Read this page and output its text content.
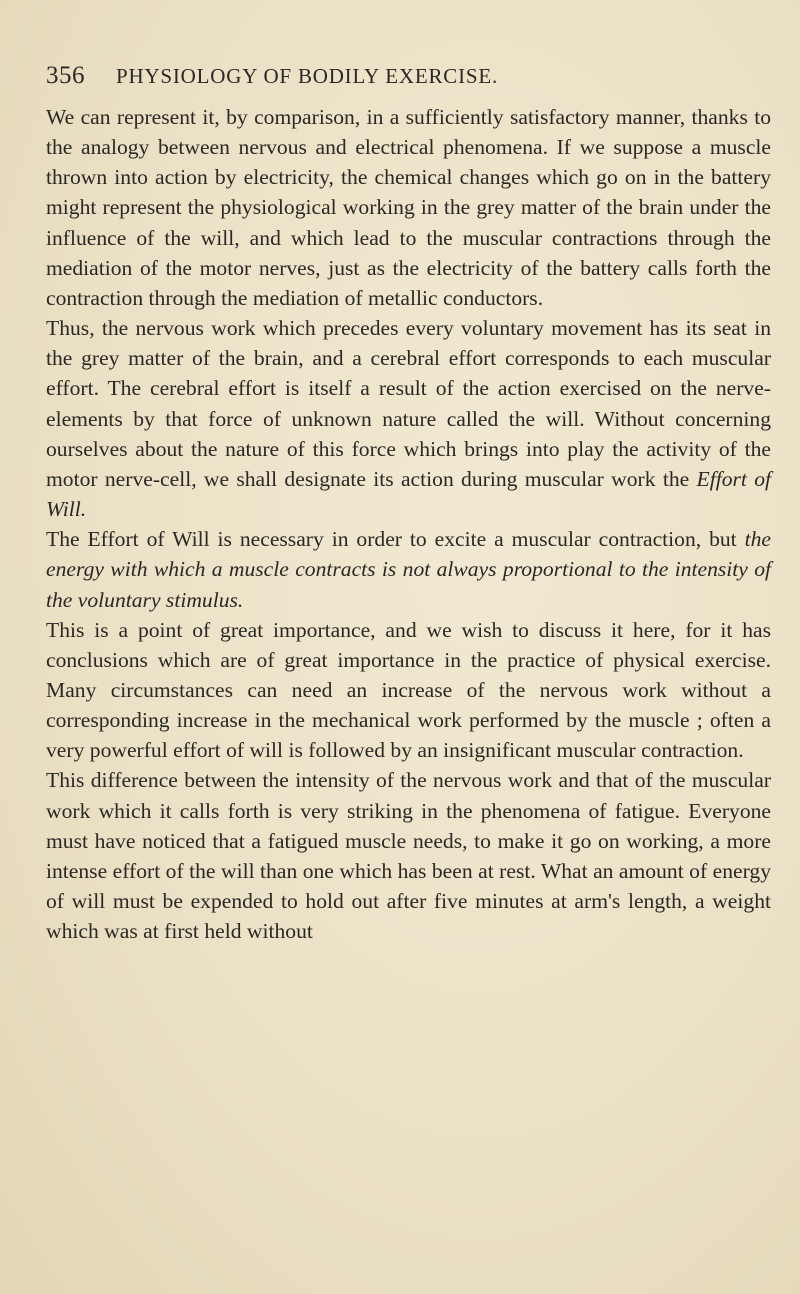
356	PHYSIOLOGY OF BODILY EXERCISE.

We can represent it, by comparison, in a sufficiently satisfactory manner, thanks to the analogy between nervous and electrical phenomena. If we suppose a muscle thrown into action by electricity, the chemical changes which go on in the battery might represent the physiological working in the grey matter of the brain under the influence of the will, and which lead to the muscular contractions through the mediation of the motor nerves, just as the electricity of the battery calls forth the contraction through the mediation of metallic conductors.

Thus, the nervous work which precedes every voluntary movement has its seat in the grey matter of the brain, and a cerebral effort corresponds to each muscular effort. The cerebral effort is itself a result of the action exercised on the nerve-elements by that force of unknown nature called the will. Without concerning ourselves about the nature of this force which brings into play the activity of the motor nerve-cell, we shall designate its action during muscular work the Effort of Will.

The Effort of Will is necessary in order to excite a muscular contraction, but the energy with which a muscle contracts is not always proportional to the intensity of the voluntary stimulus.

This is a point of great importance, and we wish to discuss it here, for it has conclusions which are of great importance in the practice of physical exercise. Many circumstances can need an increase of the nervous work without a corresponding increase in the mechanical work performed by the muscle ; often a very powerful effort of will is followed by an insignificant muscular contraction.

This difference between the intensity of the nervous work and that of the muscular work which it calls forth is very striking in the phenomena of fatigue. Everyone must have noticed that a fatigued muscle needs, to make it go on working, a more intense effort of the will than one which has been at rest. What an amount of energy of will must be expended to hold out after five minutes at arm's length, a weight which was at first held without
